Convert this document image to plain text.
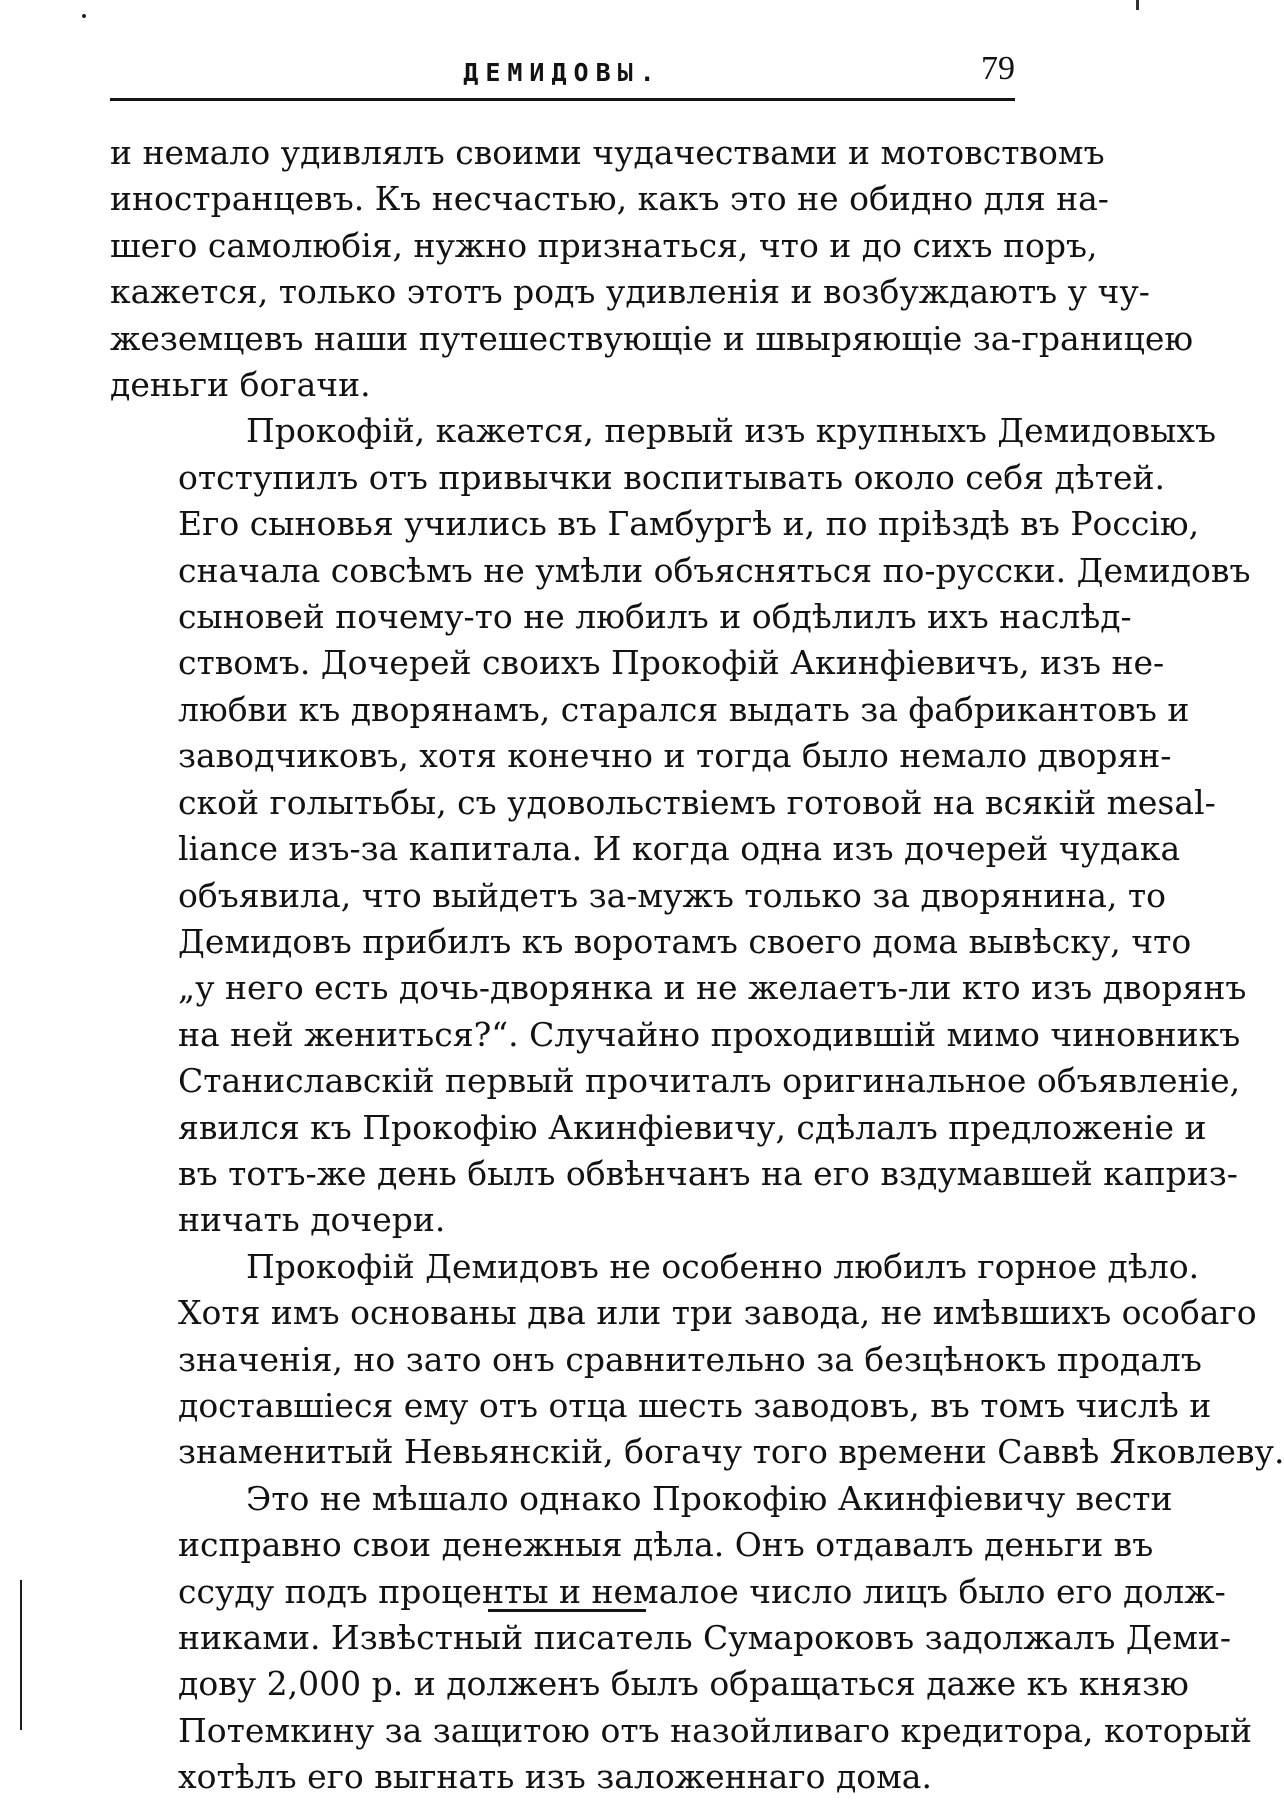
ДЕМИДОВЫ.	79

и немало удивлялъ своими чудачествами и мотовствомъ
иностранцевъ. Къ несчастью, какъ это не обидно для на-
шего самолюбія, нужно признаться, что и до сихъ поръ,
кажется, только этотъ родъ удивленія и возбуждаютъ у чу-
жеземцевъ наши путешествующіе и швыряющіе за-границею
деньги богачи.

Прокофій, кажется, первый изъ крупныхъ Демидовыхъ
отступилъ отъ привычки воспитывать около себя дѣтей.
Его сыновья учились въ Гамбургѣ и, по пріѣздѣ въ Россію,
сначала совсѣмъ не умѣли объясняться по-русски. Демидовъ
сыновей почему-то не любилъ и обдѣлилъ ихъ наслѣд-
ствомъ. Дочерей своихъ Прокофій Акинфіевичъ, изъ не-
любви къ дворянамъ, старался выдать за фабрикантовъ и
заводчиковъ, хотя конечно и тогда было немало дворян-
ской голытьбы, съ удовольствіемъ готовой на всякій mesal-
liance изъ-за капитала. И когда одна изъ дочерей чудака
объявила, что выйдетъ за-мужъ только за дворянина, то
Демидовъ прибилъ къ воротамъ своего дома вывѣску, что
„у него есть дочь-дворянка и не желаетъ-ли кто изъ дворянъ
на ней жениться?“. Случайно проходившій мимо чиновникъ
Станиславскій первый прочиталъ оригинальное объявленіе,
явился къ Прокофію Акинфіевичу, сдѣлалъ предложеніе и
въ тотъ-же день былъ обвѣнчанъ на его вздумавшей каприз-
ничать дочери.

Прокофій Демидовъ не особенно любилъ горное дѣло.
Хотя имъ основаны два или три завода, не имѣвшихъ особаго
значенія, но зато онъ сравнительно за безцѣнокъ продалъ
доставшіеся ему отъ отца шесть заводовъ, въ томъ числѣ и
знаменитый Невьянскій, богачу того времени Саввѣ Яковлеву.

Это не мѣшало однако Прокофію Акинфіевичу вести
исправно свои денежныя дѣла. Онъ отдавалъ деньги въ
ссуду подъ проценты и немалое число лицъ было его долж-
никами. Извѣстный писатель Сумароковъ задолжалъ Деми-
дову 2,000 р. и долженъ былъ обращаться даже къ князю
Потемкину за защитою отъ назойливаго кредитора, который
хотѣлъ его выгнать изъ заложеннаго дома.
